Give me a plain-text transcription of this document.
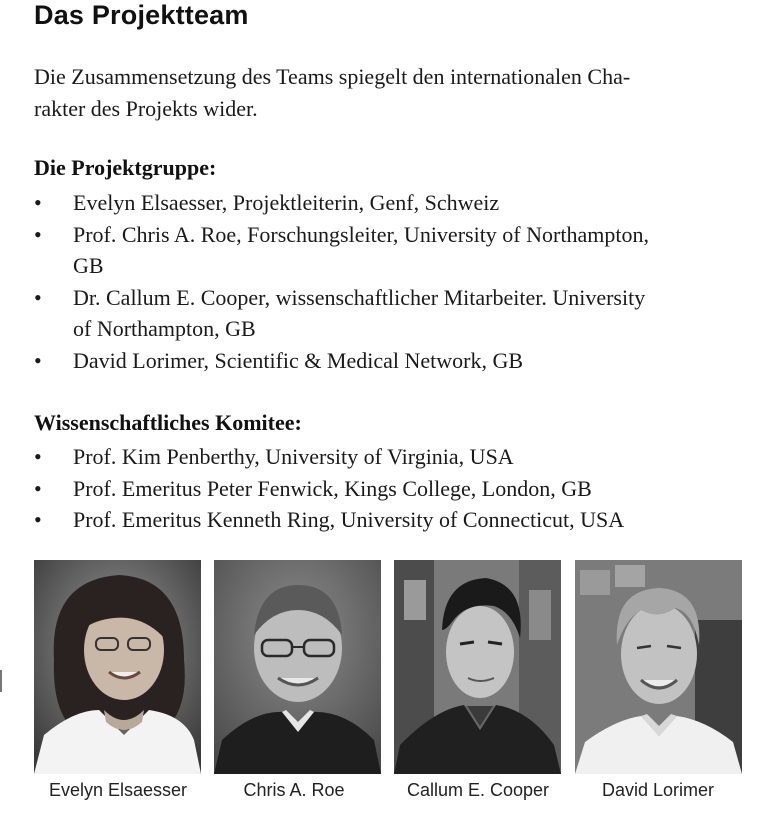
Das Projektteam
Die Zusammensetzung des Teams spiegelt den internationalen Cha-
rakter des Projekts wider.
Die Projektgruppe:
• Evelyn Elsaesser, Projektleiterin, Genf, Schweiz
• Prof. Chris A. Roe, Forschungsleiter, University of Northampton, GB
• Dr. Callum E. Cooper, wissenschaftlicher Mitarbeiter. University of Northampton, GB
• David Lorimer, Scientific & Medical Network, GB
Wissenschaftliches Komitee:
• Prof. Kim Penberthy, University of Virginia, USA
• Prof. Emeritus Peter Fenwick, Kings College, London, GB
• Prof. Emeritus Kenneth Ring, University of Connecticut, USA
Evelyn Elsaesser	Chris A. Roe	Callum E. Cooper	David Lorimer
